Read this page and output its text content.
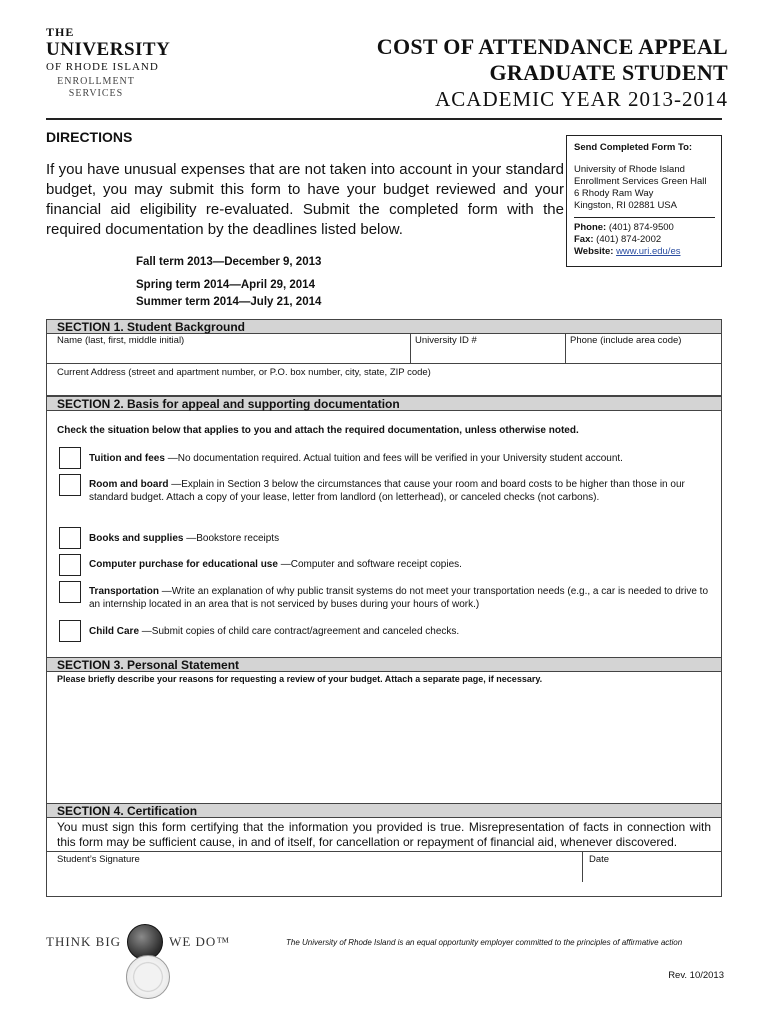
THE
UNIVERSITY
OF RHODE ISLAND
ENROLLMENT
SERVICES
COST OF ATTENDANCE APPEAL
GRADUATE STUDENT
ACADEMIC YEAR 2013-2014
DIRECTIONS
If you have unusual expenses that are not taken into account in your standard budget, you may submit this form to have your budget reviewed and your financial aid eligibility re-evaluated. Submit the completed form with the required documentation by the deadlines listed below.
Fall term 2013—December 9, 2013
Spring term 2014—April 29, 2014
Summer term 2014—July 21, 2014
Send Completed Form To:
University of Rhode Island
Enrollment Services Green Hall
6 Rhody Ram Way
Kingston, RI 02881 USA
Phone: (401) 874-9500
Fax: (401) 874-2002
Website: www.uri.edu/es
SECTION 1. Student Background
Name (last, first, middle initial)	University ID #	Phone (include area code)
Current Address (street and apartment number, or P.O. box number, city, state, ZIP code)
SECTION 2. Basis for appeal and supporting documentation
Check the situation below that applies to you and attach the required documentation, unless otherwise noted.
Tuition and fees —No documentation required. Actual tuition and fees will be verified in your University student account.
Room and board —Explain in Section 3 below the circumstances that cause your room and board costs to be higher than those in our standard budget. Attach a copy of your lease, letter from landlord (on letterhead), or canceled checks (not carbons).
Books and supplies —Bookstore receipts
Computer purchase for educational use —Computer and software receipt copies.
Transportation —Write an explanation of why public transit systems do not meet your transportation needs (e.g., a car is needed to drive to an internship located in an area that is not serviced by buses during your hours of work.)
Child Care —Submit copies of child care contract/agreement and canceled checks.
SECTION 3. Personal Statement
Please briefly describe your reasons for requesting a review of your budget. Attach a separate page, if necessary.
SECTION 4. Certification
You must sign this form certifying that the information you provided is true. Misrepresentation of facts in connection with this form may be sufficient cause, in and of itself, for cancellation or repayment of financial aid, whenever discovered.
Student’s Signature	Date
THINK BIG	WE DO™	The University of Rhode Island is an equal opportunity employer committed to the principles of affirmative action
Rev. 10/2013
